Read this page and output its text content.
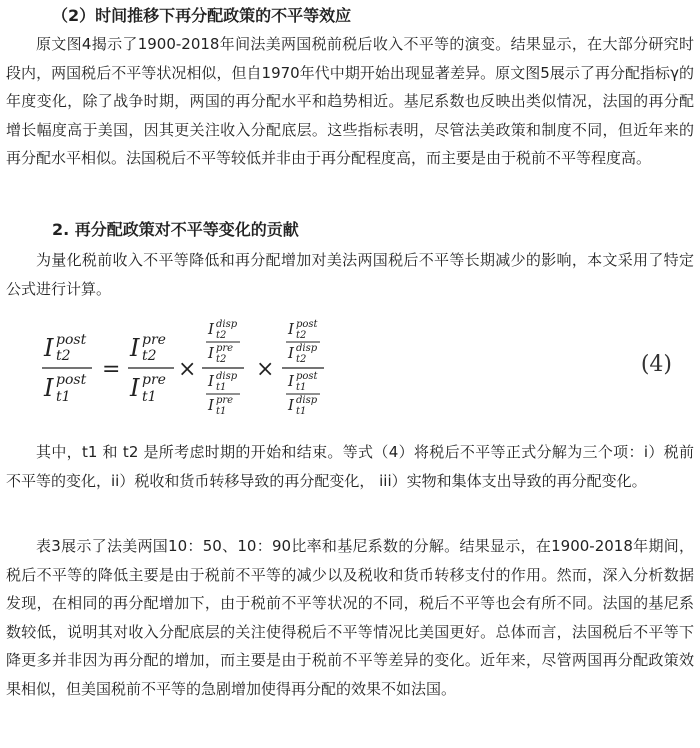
（2）时间推移下再分配政策的不平等效应
原文图4揭示了1900-2018年间法美两国税前税后收入不平等的演变。结果显示，在大部分研究时段内，两国税后不平等状况相似，但自1970年代中期开始出现显著差异。原文图5展示了再分配指标γ的年度变化，除了战争时期，两国的再分配水平和趋势相近。基尼系数也反映出类似情况，法国的再分配增长幅度高于美国，因其更关注收入分配底层。这些指标表明，尽管法美政策和制度不同，但近年来的再分配水平相似。法国税后不平等较低并非由于再分配程度高，而主要是由于税前不平等程度高。
2. 再分配政策对不平等变化的贡献
为量化税前收入不平等降低和再分配增加对美法两国税后不平等长期减少的影响，本文采用了特定公式进行计算。
I post
t2
I post
t1
=
I pre
t2
I pre
t1
×
I disp
t2
I pre
t2
I disp
t1
I pre
t1
×
I post
t2
I disp
t2
I post
t1
I disp
t1
(4)
其中，t1 和 t2 是所考虑时期的开始和结束。等式（4）将税后不平等正式分解为三个项：i）税前不平等的变化，ii）税收和货币转移导致的再分配变化， iii）实物和集体支出导致的再分配变化。
表3展示了法美两国10：50、10：90比率和基尼系数的分解。结果显示，在1900-2018年期间，税后不平等的降低主要是由于税前不平等的减少以及税收和货币转移支付的作用。然而，深入分析数据发现，在相同的再分配增加下，由于税前不平等状况的不同，税后不平等也会有所不同。法国的基尼系数较低，说明其对收入分配底层的关注使得税后不平等情况比美国更好。总体而言，法国税后不平等下降更多并非因为再分配的增加，而主要是由于税前不平等差异的变化。近年来，尽管两国再分配政策效果相似，但美国税前不平等的急剧增加使得再分配的效果不如法国。
